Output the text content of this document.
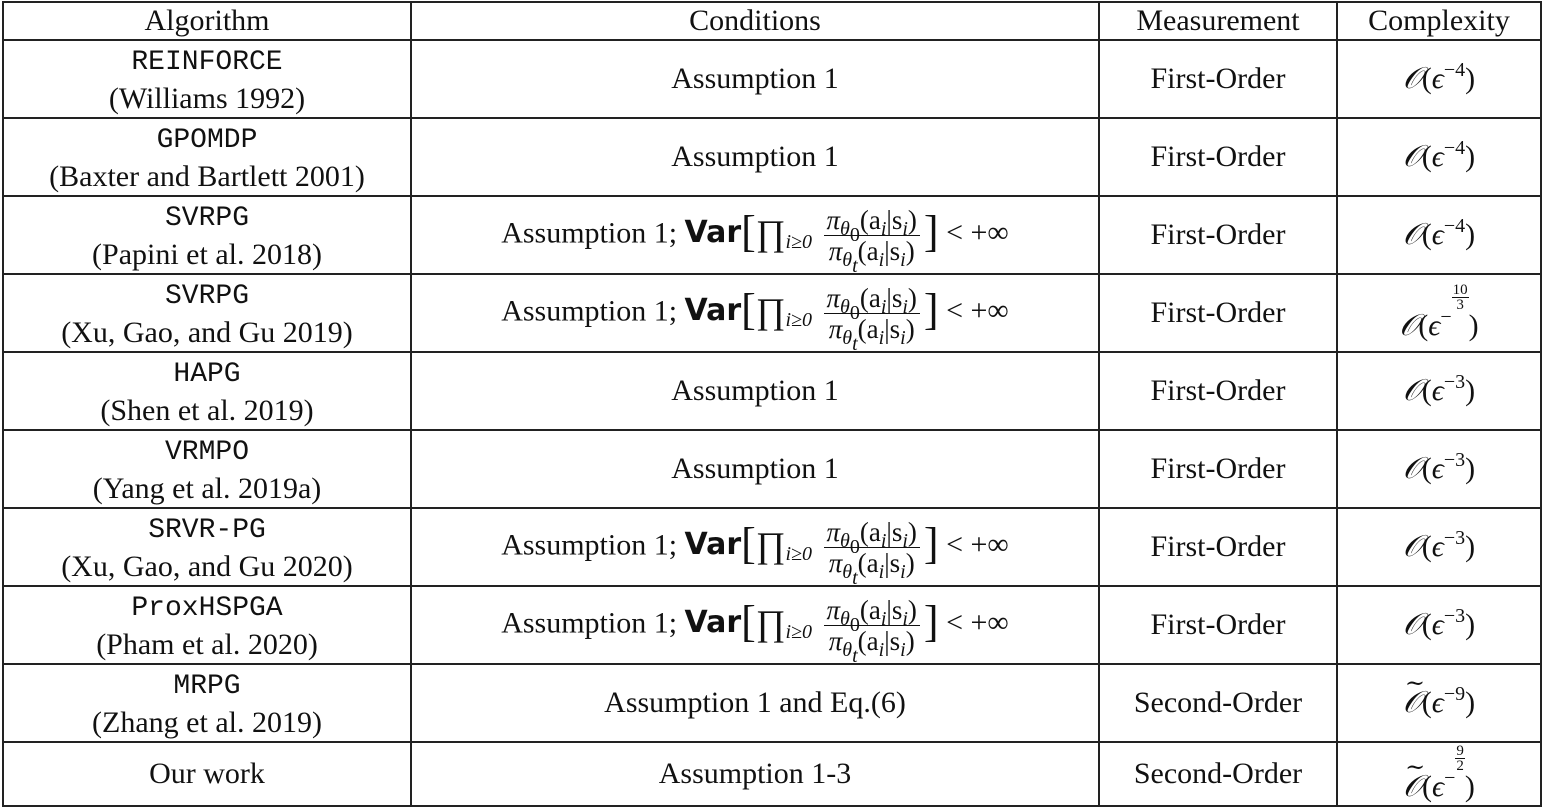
Algorithm	Conditions	Measurement	Complexity
REINFORCE
(Williams 1992)	Assumption 1	First-Order	$𝒪(\epsilon^{-4})$
GPOMDP
(Baxter and Bartlett 2001)	Assumption 1	First-Order	$𝒪(\epsilon^{-4})$
SVRPG
(Papini et al. 2018)	Assumption 1; $Var[\prod_{i\ge 0} \frac{\pi_{\theta_0}(a_i|s_i)}{\pi_{\theta_t}(a_i|s_i)}$ ] < +∞	First-Order	$𝒪(\epsilon^{-4})$
SVRPG
(Xu, Gao, and Gu 2019)	Assumption 1; $Var[\prod_{i\ge 0} \frac{\pi_{\theta_0}(a_i|s_i)}{\pi_{\theta_t}(a_i|s_i)}$ ] < +∞	First-Order	$𝒪(\epsilon^{- \frac{10}{3}}$
)
HAPG
(Shen et al. 2019)	Assumption 1	First-Order	$𝒪(\epsilon^{-3})$
VRMPO
(Yang et al. 2019a)	Assumption 1	First-Order	$𝒪(\epsilon^{-3})$
SRVR-PG
(Xu, Gao, and Gu 2020)	Assumption 1; $Var[\prod_{i\ge 0} \frac{\pi_{\theta_0}(a_i|s_i)}{\pi_{\theta_t}(a_i|s_i)}$ ] < +∞	First-Order	$𝒪(\epsilon^{-3})$
ProxHSPGA
(Pham et al. 2020)	Assumption 1; $Var[\prod_{i\ge 0} \frac{\pi_{\theta_0}(a_i|s_i)}{\pi_{\theta_t}(a_i|s_i)}$ ] < +∞	First-Order	$𝒪(\epsilon^{-3})$
MRPG
(Zhang et al. 2019)	Assumption 1 and Eq.(6)	Second-Order	~ $𝒪(\epsilon^{-9})$
Our work	Assumption 1-3	Second-Order	~ $𝒪(\epsilon^{- \frac{9}{2}}$
)
